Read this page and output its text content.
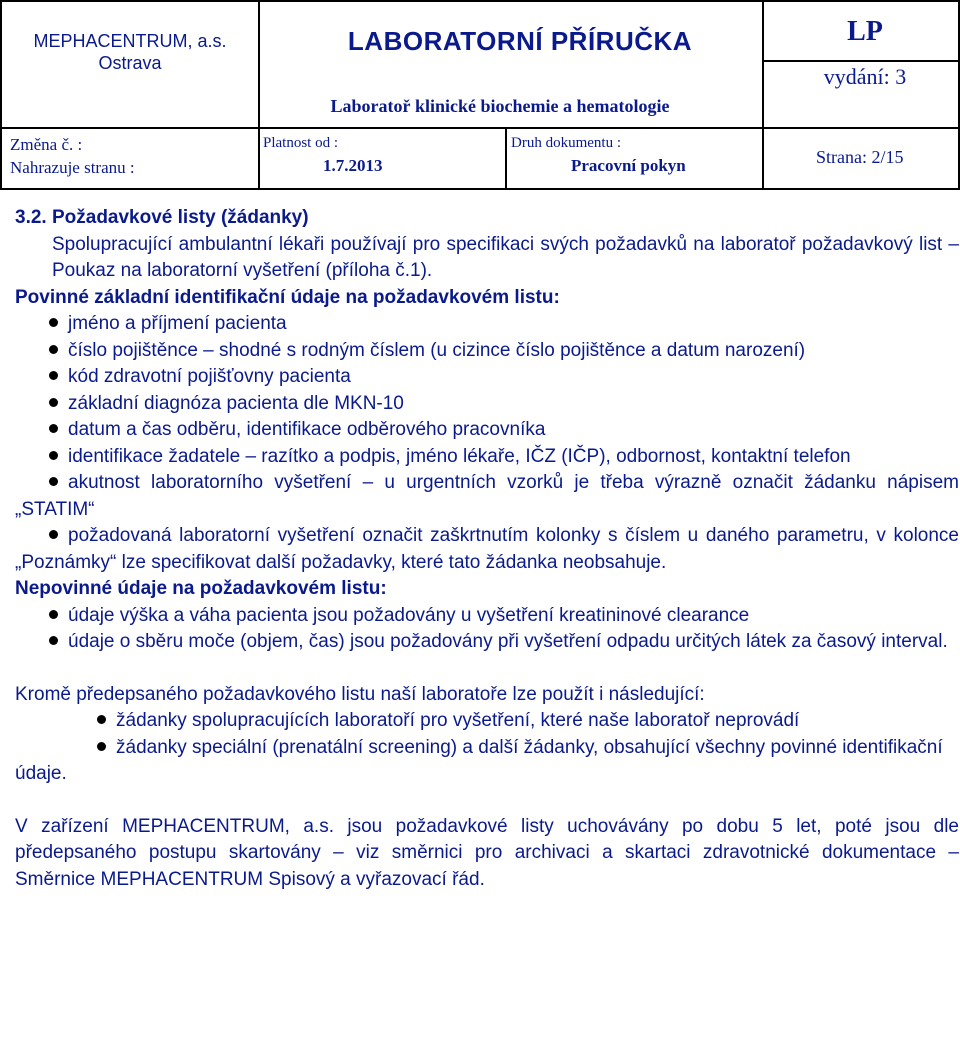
MEPHACENTRUM, a.s.
Ostrava
LABORATORNÍ PŘÍRUČKA
Laboratoř klinické biochemie a hematologie
LP
vydání: 3
Změna č. :
Nahrazuje stranu :
Platnost od :
1.7.2013
Druh dokumentu :
Pracovní pokyn	Strana: 2/15
3.2. Požadavkové listy (žádanky)
Spolupracující ambulantní lékaři používají pro specifikaci svých požadavků na laboratoř požadavkový list – Poukaz na laboratorní vyšetření (příloha č.1).
Povinné základní identifikační údaje na požadavkovém listu:
jméno a příjmení pacienta
číslo pojištěnce – shodné s rodným číslem (u cizince číslo pojištěnce a datum narození)
kód zdravotní pojišťovny pacienta
základní diagnóza pacienta dle MKN-10
datum a čas odběru, identifikace odběrového pracovníka
identifikace žadatele – razítko a podpis, jméno lékaře, IČZ (IČP), odbornost, kontaktní telefon
akutnost laboratorního vyšetření – u urgentních vzorků je třeba výrazně označit žádanku nápisem „STATIM“
požadovaná laboratorní vyšetření označit zaškrtnutím kolonky s číslem u daného parametru, v kolonce „Poznámky“ lze specifikovat další požadavky, které tato žádanka neobsahuje.
Nepovinné údaje na požadavkovém listu:
údaje výška a váha pacienta jsou požadovány u vyšetření kreatininové clearance
údaje o sběru moče (objem, čas) jsou požadovány při vyšetření odpadu určitých látek za časový interval.
Kromě předepsaného požadavkového listu naší laboratoře lze použít i následující:
žádanky spolupracujících laboratoří pro vyšetření, které naše laboratoř neprovádí
žádanky speciální (prenatální screening) a další žádanky, obsahující všechny povinné identifikační údaje.
V zařízení MEPHACENTRUM, a.s. jsou požadavkové listy uchovávány po dobu 5 let, poté jsou dle předepsaného postupu skartovány – viz směrnici pro archivaci a skartaci zdravotnické dokumentace – Směrnice MEPHACENTRUM Spisový a vyřazovací řád.
